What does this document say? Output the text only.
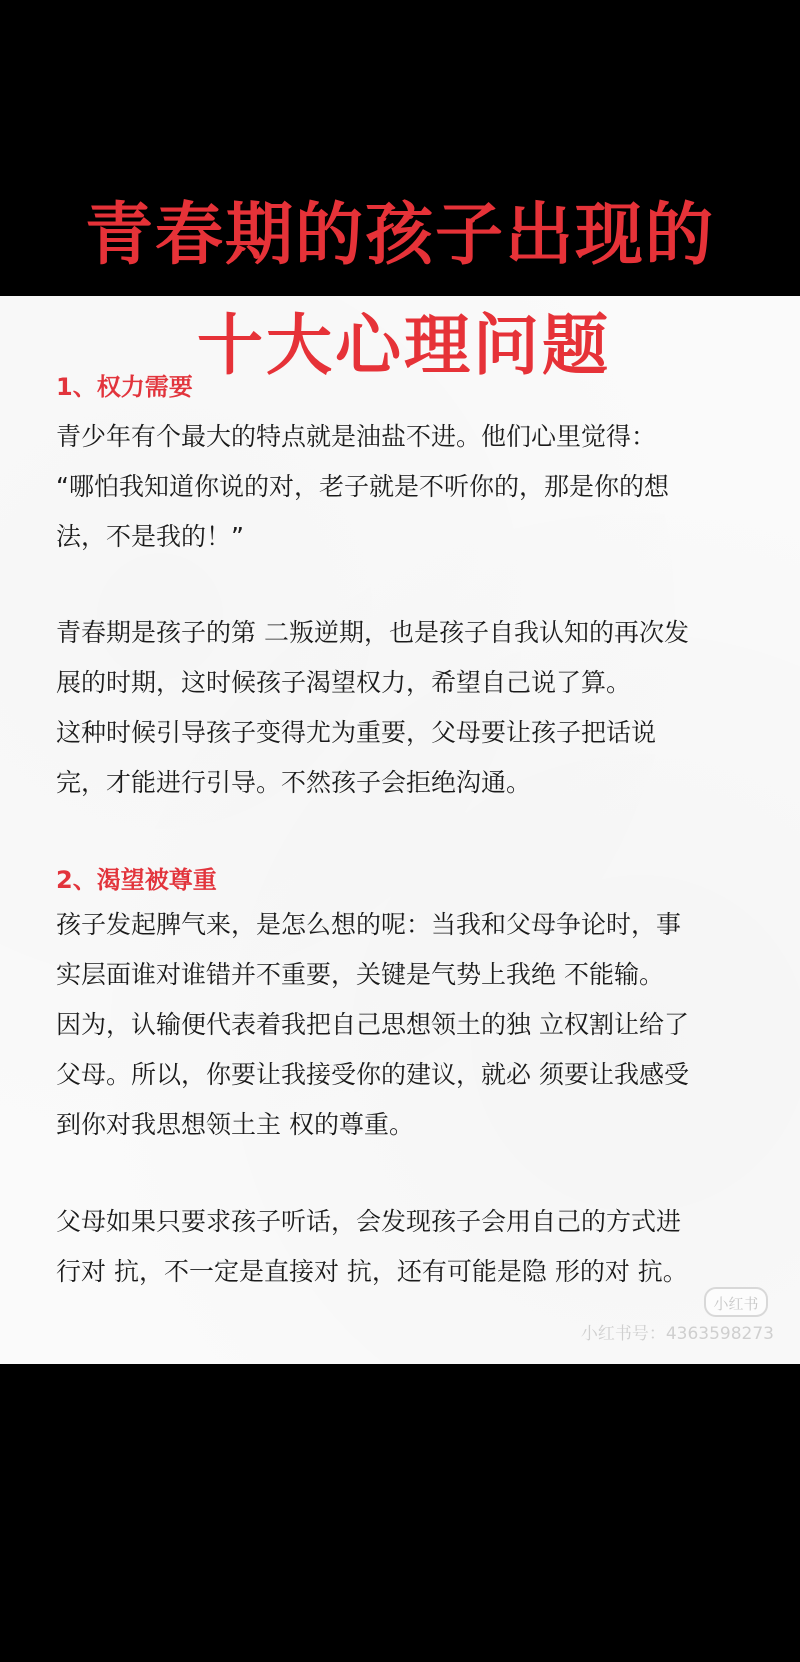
青春期的孩子出现的
十大心理问题
1、权力需要
青少年有个最大的特点就是油盐不进。他们心里觉得：
“哪怕我知道你说的对，老子就是不听你的，那是你的想
法，不是我的！”
青春期是孩子的第 二叛逆期，也是孩子自我认知的再次发
展的时期，这时候孩子渴望权力，希望自己说了算。
这种时候引导孩子变得尤为重要，父母要让孩子把话说
完，才能进行引导。不然孩子会拒绝沟通。
2、渴望被尊重
孩子发起脾气来，是怎么想的呢：当我和父母争论时，事
实层面谁对谁错并不重要，关键是气势上我绝 不能输。
因为，认输便代表着我把自己思想领土的独 立权割让给了
父母。所以，你要让我接受你的建议，就必 须要让我感受
到你对我思想领土主 权的尊重。
父母如果只要求孩子听话，会发现孩子会用自己的方式进
行对 抗，不一定是直接对 抗，还有可能是隐 形的对 抗。
小红书
小红书号：4363598273
